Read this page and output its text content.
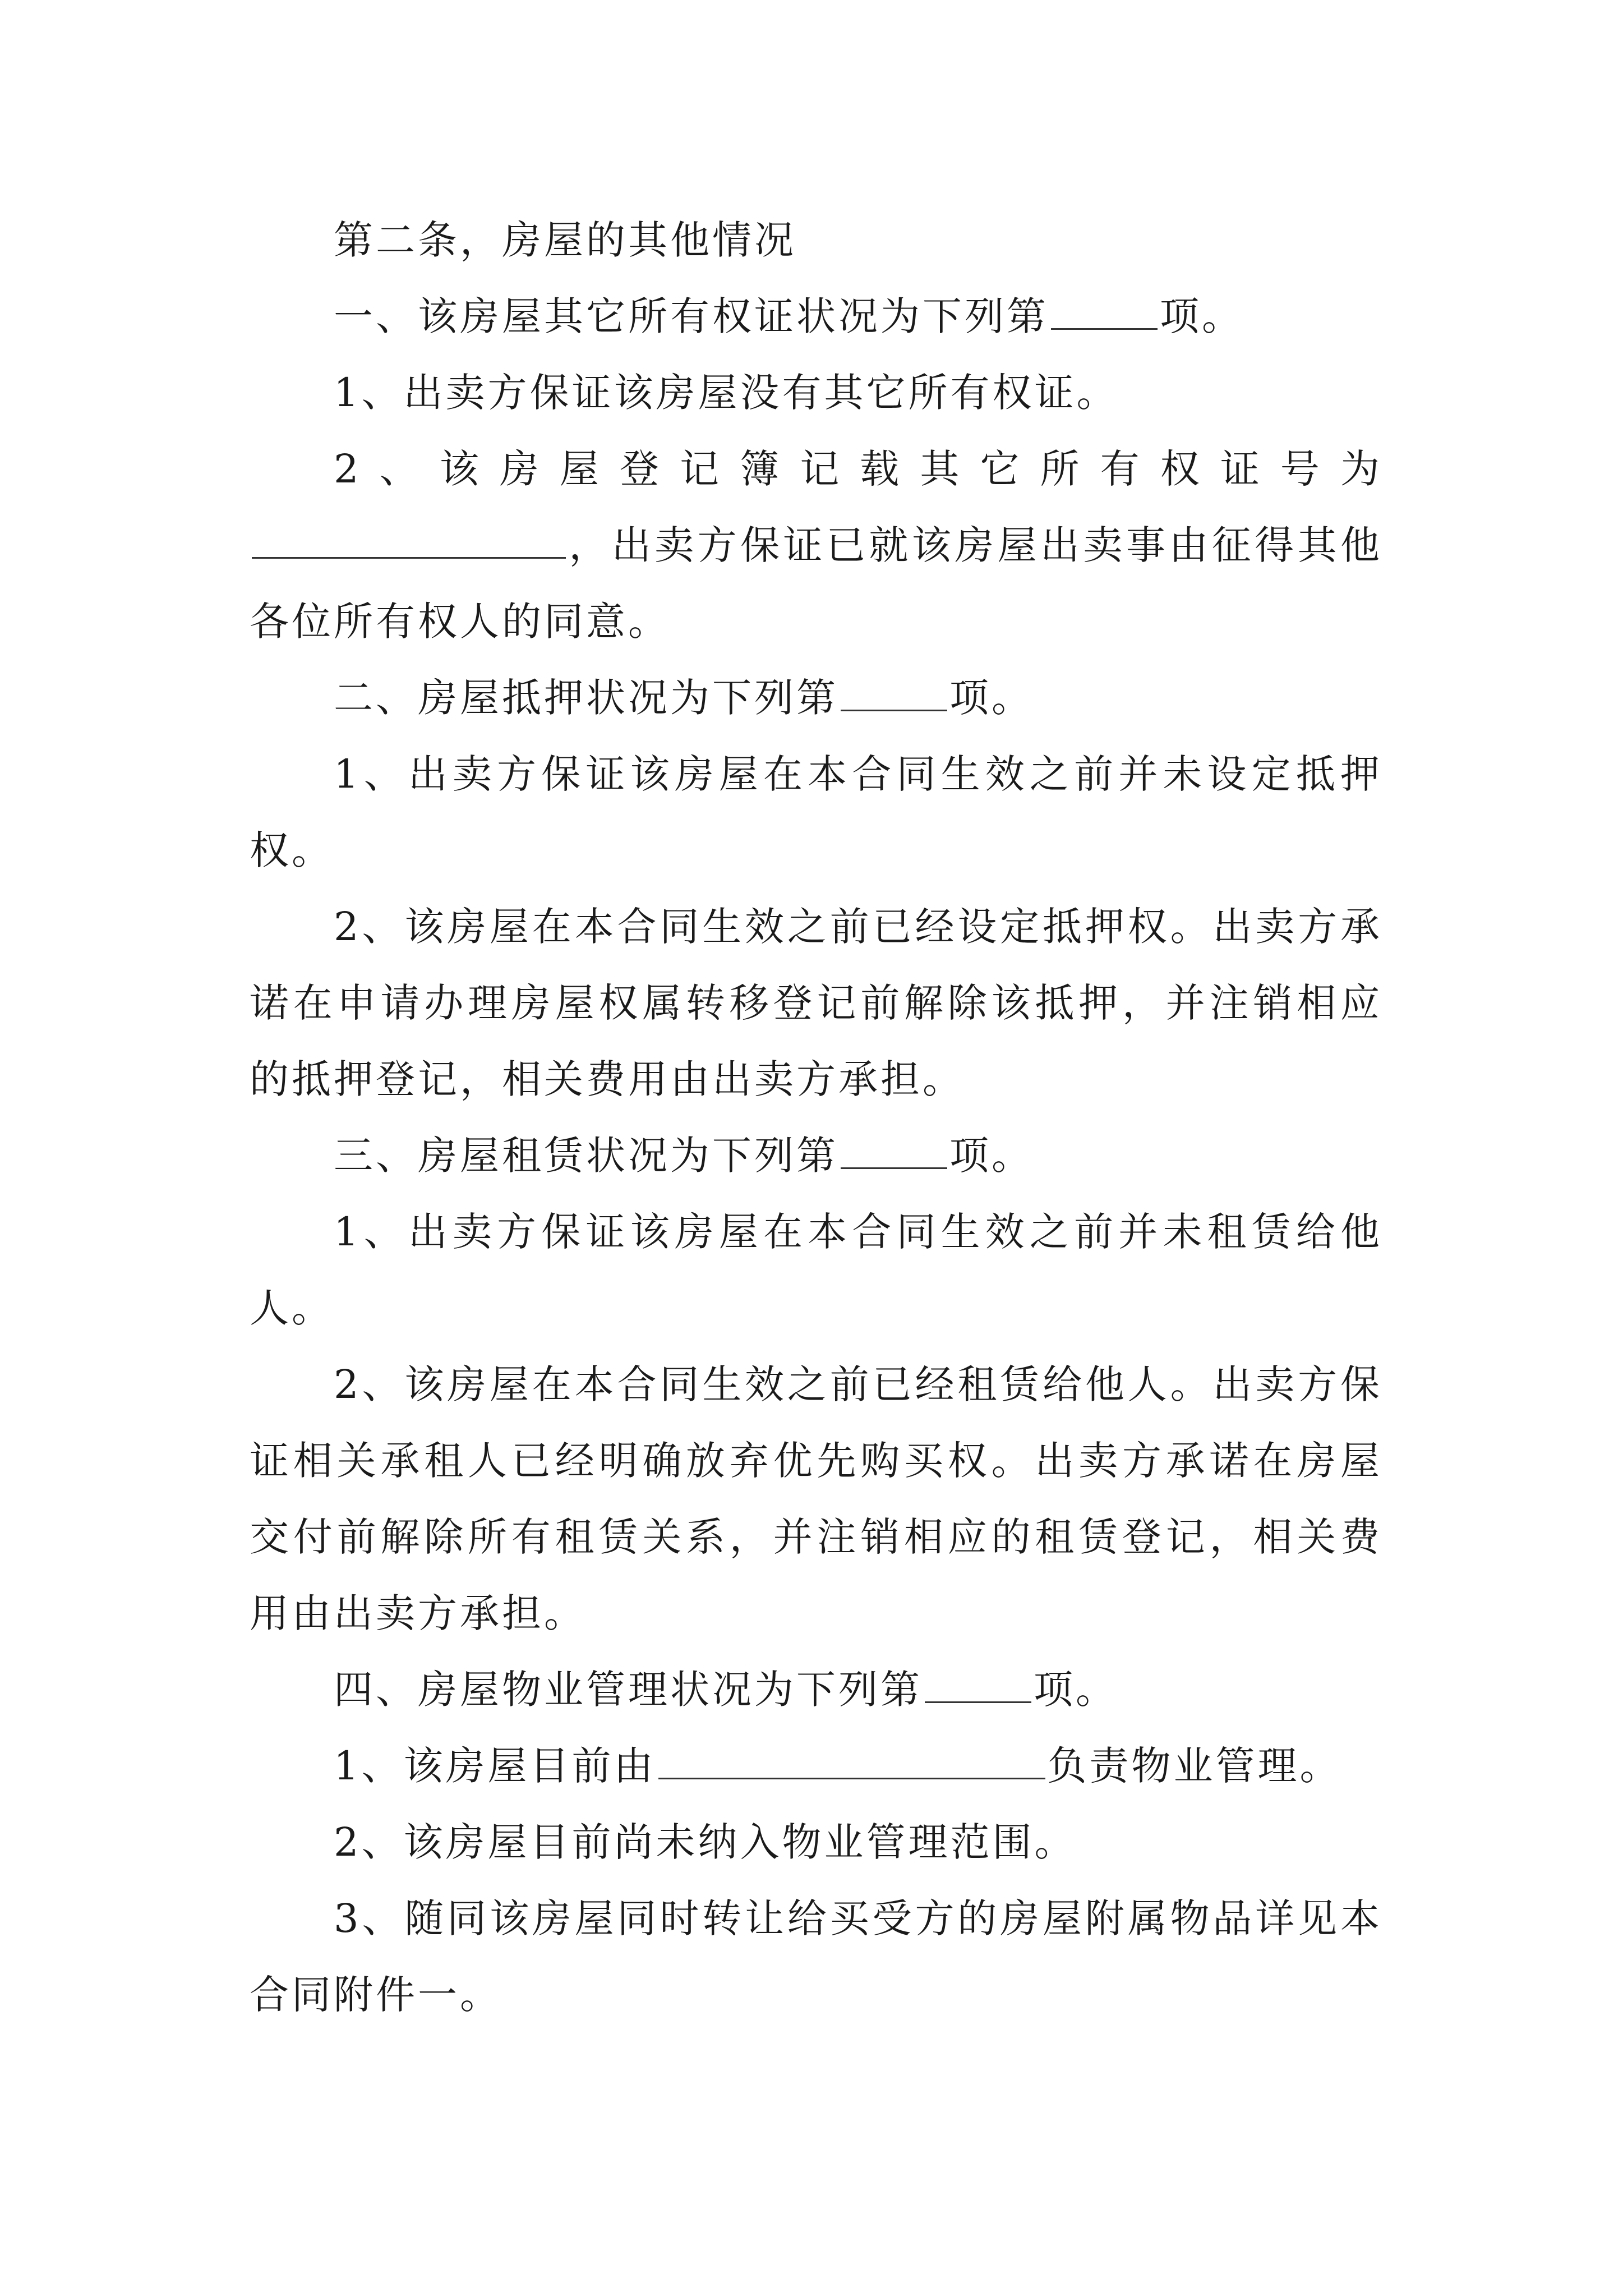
第二条，房屋的其他情况

一、该房屋其它所有权证状况为下列第	项。

1、出卖方保证该房屋没有其它所有权证。

2、该房屋登记簿记载其它所有权证号为

，出卖方保证已就该房屋出卖事由征得其他各位所有权人的同意。

二、房屋抵押状况为下列第	项。

1、出卖方保证该房屋在本合同生效之前并未设定抵押权。

2、该房屋在本合同生效之前已经设定抵押权。出卖方承诺在申请办理房屋权属转移登记前解除该抵押，并注销相应的抵押登记，相关费用由出卖方承担。

三、房屋租赁状况为下列第	项。

1、出卖方保证该房屋在本合同生效之前并未租赁给他人。

2、该房屋在本合同生效之前已经租赁给他人。出卖方保证相关承租人已经明确放弃优先购买权。出卖方承诺在房屋交付前解除所有租赁关系，并注销相应的租赁登记，相关费用由出卖方承担。

四、房屋物业管理状况为下列第	项。

1、该房屋目前由	负责物业管理。

2、该房屋目前尚未纳入物业管理范围。

3、随同该房屋同时转让给买受方的房屋附属物品详见本合同附件一。
